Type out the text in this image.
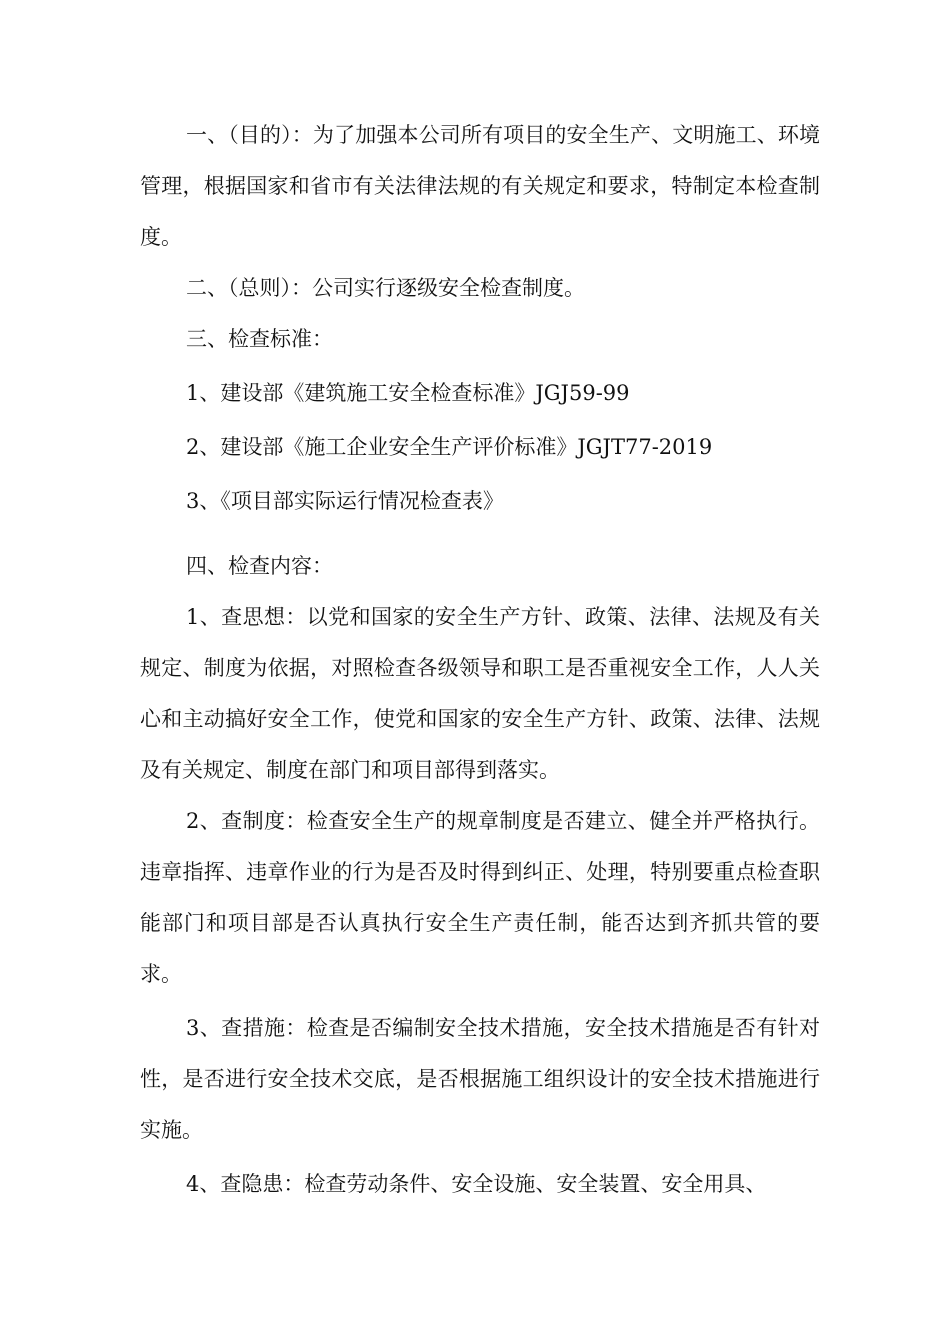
一、（目的）：为了加强本公司所有项目的安全生产、文明施工、环境管理，根据国家和省市有关法律法规的有关规定和要求，特制定本检查制度。

二、（总则）：公司实行逐级安全检查制度。

三、检查标准：

1、建设部《建筑施工安全检查标准》JGJ59-99

2、建设部《施工企业安全生产评价标准》JGJT77-2019

3、《项目部实际运行情况检查表》

四、检查内容：

1、查思想：以党和国家的安全生产方针、政策、法律、法规及有关规定、制度为依据，对照检查各级领导和职工是否重视安全工作，人人关心和主动搞好安全工作，使党和国家的安全生产方针、政策、法律、法规及有关规定、制度在部门和项目部得到落实。

2、查制度：检查安全生产的规章制度是否建立、健全并严格执行。违章指挥、违章作业的行为是否及时得到纠正、处理，特别要重点检查职能部门和项目部是否认真执行安全生产责任制，能否达到齐抓共管的要求。

3、查措施：检查是否编制安全技术措施，安全技术措施是否有针对性，是否进行安全技术交底，是否根据施工组织设计的安全技术措施进行实施。

4、查隐患：检查劳动条件、安全设施、安全装置、安全用具、
